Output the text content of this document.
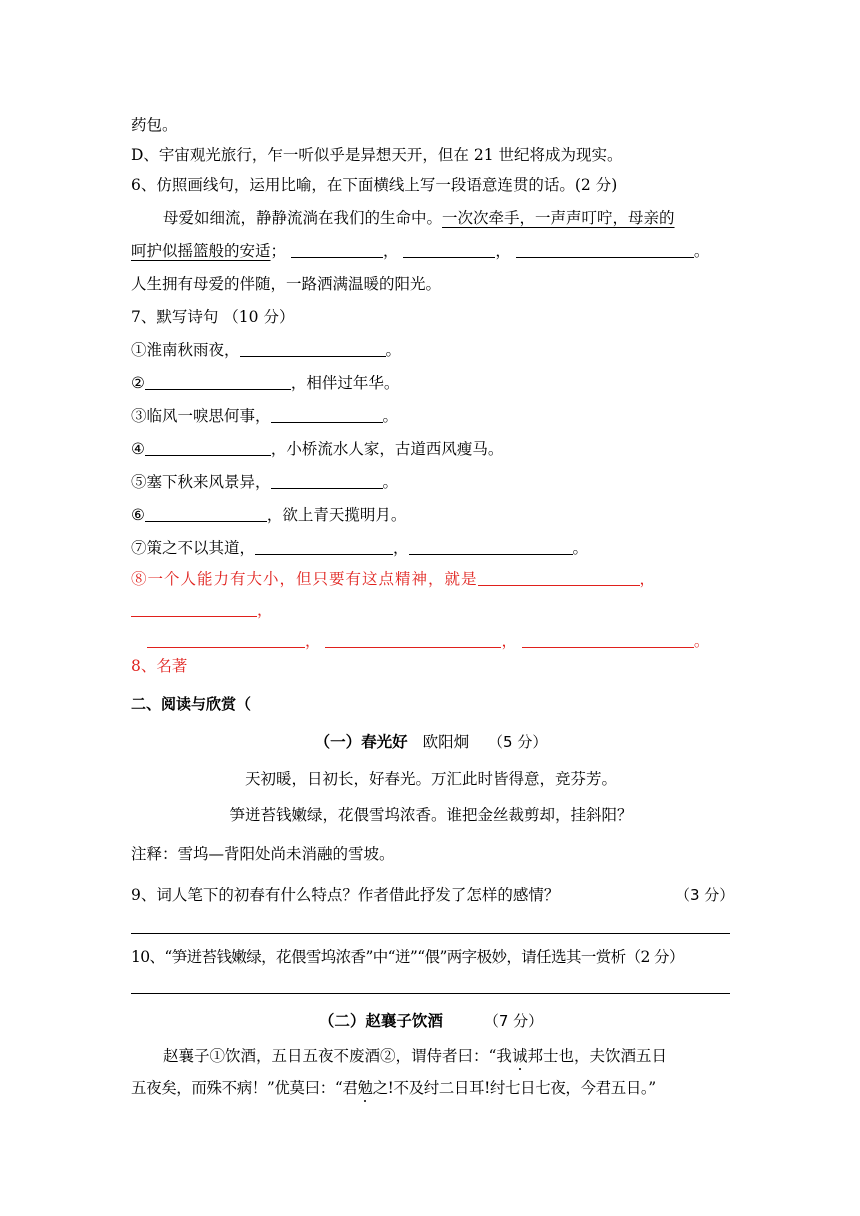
药包。
D、宇宙观光旅行，乍一听似乎是异想天开，但在 21 世纪将成为现实。
6、仿照画线句，运用比喻，在下面横线上写一段语意连贯的话。(2 分)
母爱如细流，静静流淌在我们的生命中。一次次牵手，一声声叮咛，母亲的
呵护似摇篮般的安适；	，	，	。
人生拥有母爱的伴随，一路洒满温暖的阳光。
7、默写诗句 （10 分）
①淮南秋雨夜，	。
②	，相伴过年华。
③临风一唳思何事，	。
④	，小桥流水人家，古道西风瘦马。
⑤塞下秋来风景异，	。
⑥	，欲上青天揽明月。
⑦策之不以其道，	，	。
⑧一个人能力有大小，但只要有这点精神，就是	，
，
，	，	。
8、名著
二、阅读与欣赏（
（一）春光好 欧阳炯 （5 分）
天初暖，日初长，好春光。万汇此时皆得意，竞芬芳。
笋迸苔钱嫩绿，花偎雪坞浓香。谁把金丝裁剪却，挂斜阳？
注释：雪坞—背阳处尚未消融的雪坡。
9、词人笔下的初春有什么特点？作者借此抒发了怎样的感情？	（3 分）
10、“笋迸苔钱嫩绿，花偎雪坞浓香”中“迸”“偎”两字极妙，请任选其一赏析（2 分）
（二）赵襄子饮酒	（7 分）
赵襄子①饮酒，五日五夜不废酒②，谓侍者曰：“我诚邦士也，夫饮酒五日
五夜矣，而殊不病！”优莫曰：“君勉之!不及纣二日耳!纣七日七夜，今君五日。”
